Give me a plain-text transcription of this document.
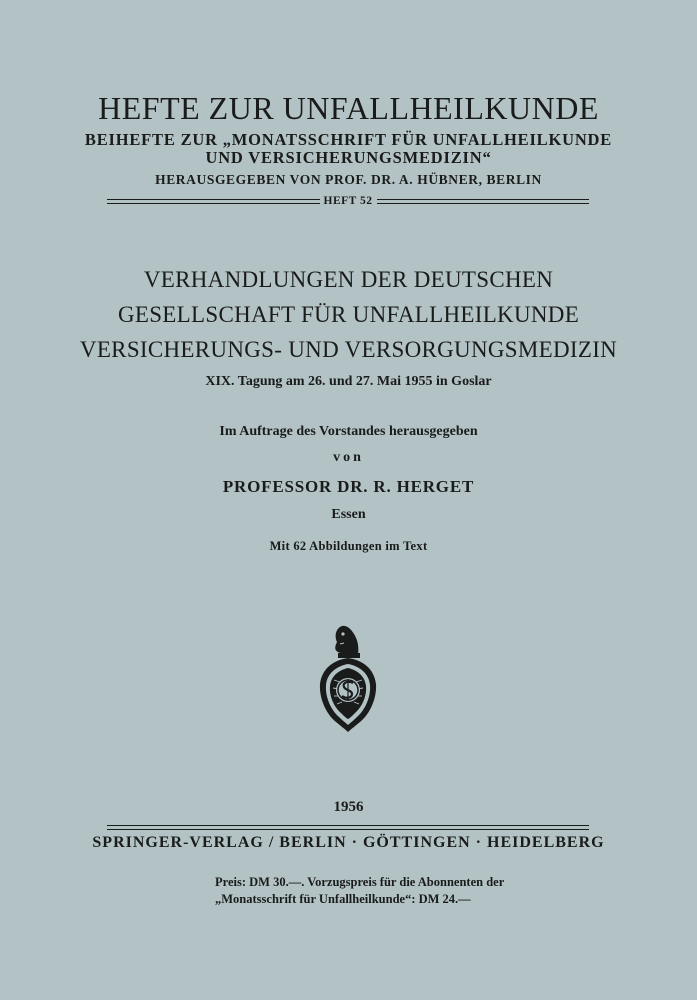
HEFTE ZUR UNFALLHEILKUNDE
BEIHEFTE ZUR „MONATSSCHRIFT FÜR UNFALLHEILKUNDE
UND VERSICHERUNGSMEDIZIN“
HERAUSGEGEBEN VON PROF. DR. A. HÜBNER, BERLIN
HEFT 52
VERHANDLUNGEN DER DEUTSCHEN
GESELLSCHAFT FÜR UNFALLHEILKUNDE
VERSICHERUNGS- UND VERSORGUNGSMEDIZIN
XIX. Tagung am 26. und 27. Mai 1955 in Goslar
Im Auftrage des Vorstandes herausgegeben
von
PROFESSOR DR. R. HERGET
Essen
Mit 62 Abbildungen im Text
1956
SPRINGER-VERLAG / BERLIN · GÖTTINGEN · HEIDELBERG
Preis: DM 30.—. Vorzugspreis für die Abonnenten der
„Monatsschrift für Unfallheilkunde“: DM 24.—
